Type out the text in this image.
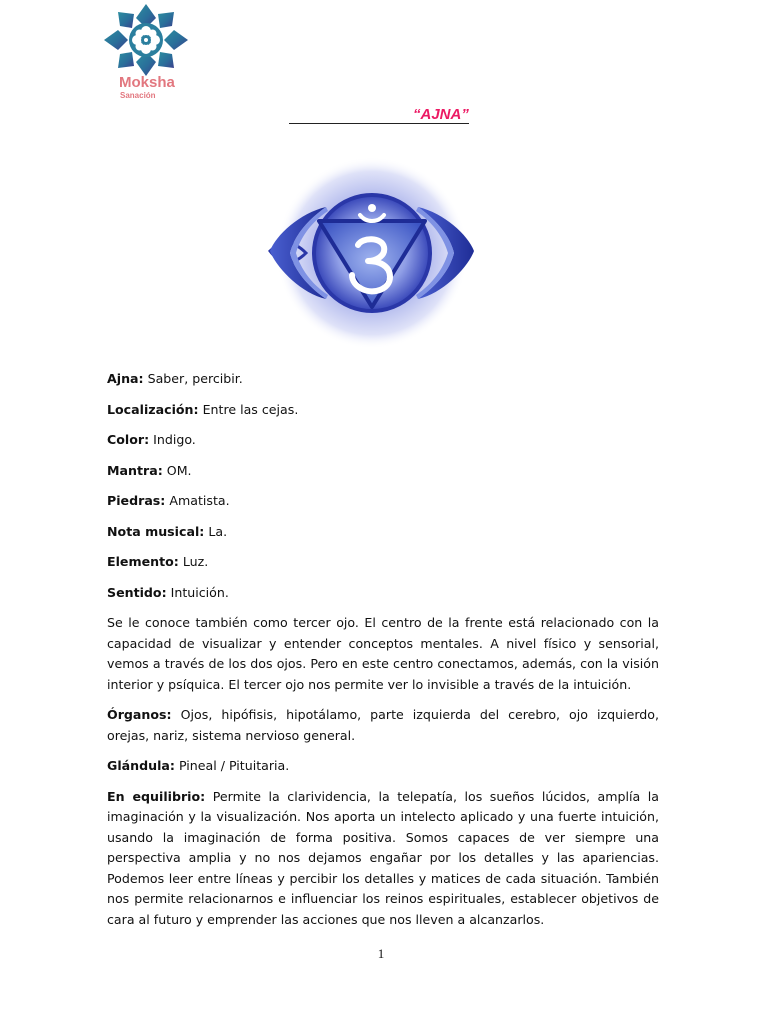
Moksha
Sanación
“AJNA”
Ajna: Saber, percibir.
Localización: Entre las cejas.
Color: Indigo.
Mantra: OM.
Piedras: Amatista.
Nota musical: La.
Elemento: Luz.
Sentido: Intuición.

Se le conoce también como tercer ojo. El centro de la frente está relacionado con la capacidad de visualizar y entender conceptos mentales. A nivel físico y sensorial, vemos a través de los dos ojos. Pero en este centro conectamos, además, con la visión interior y psíquica. El tercer ojo nos permite ver lo invisible a través de la intuición.

Órganos: Ojos, hipófisis, hipotálamo, parte izquierda del cerebro, ojo izquierdo, orejas, nariz, sistema nervioso general.

Glándula: Pineal / Pituitaria.

En equilibrio: Permite la clarividencia, la telepatía, los sueños lúcidos, amplía la imaginación y la visualización. Nos aporta un intelecto aplicado y una fuerte intuición, usando la imaginación de forma positiva. Somos capaces de ver siempre una perspectiva amplia y no nos dejamos engañar por los detalles y las apariencias. Podemos leer entre líneas y percibir los detalles y matices de cada situación. También nos permite relacionarnos e influenciar los reinos espirituales, establecer objetivos de cara al futuro y emprender las acciones que nos lleven a alcanzarlos.

1
